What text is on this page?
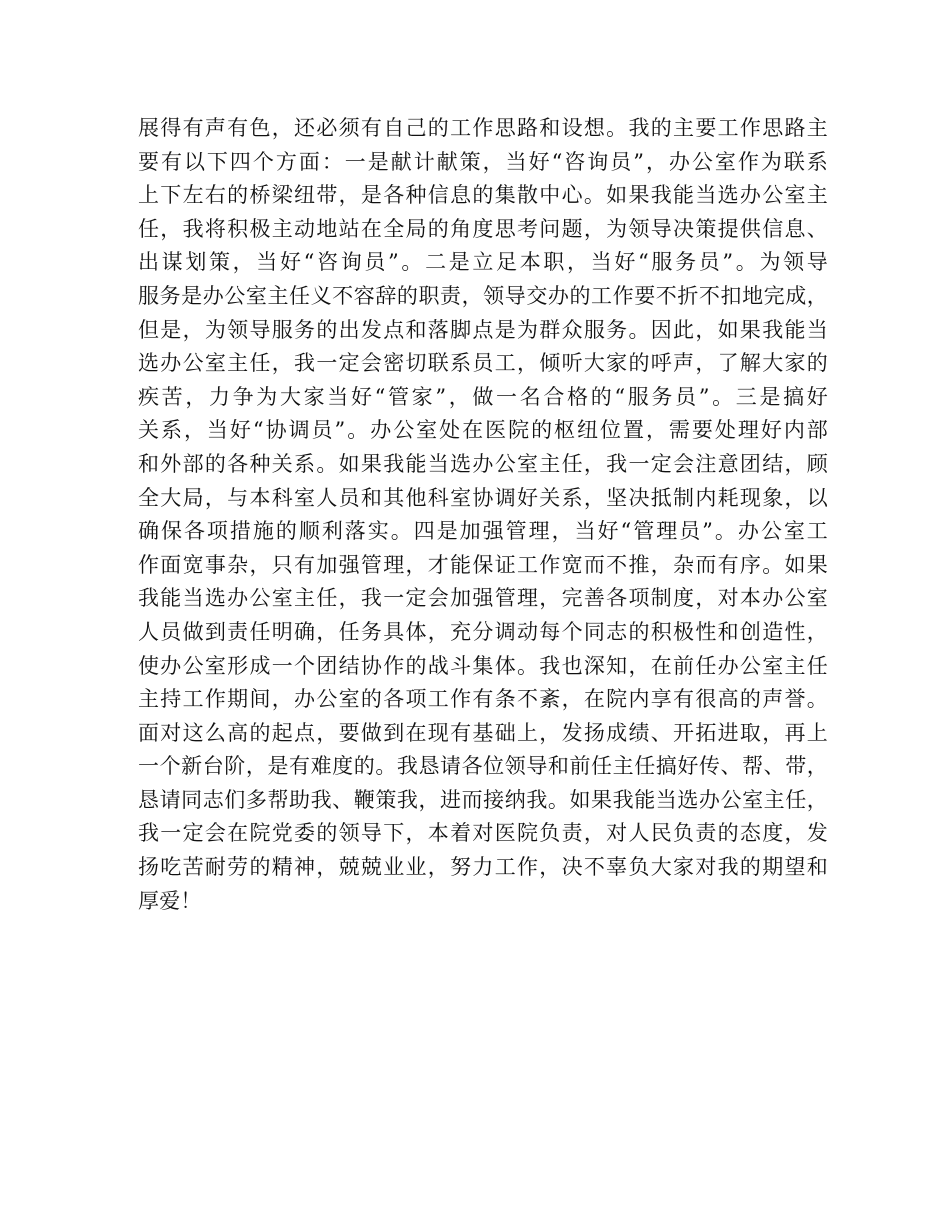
展得有声有色，还必须有自己的工作思路和设想。我的主要工作思路主
要有以下四个方面：一是献计献策，当好“咨询员”，办公室作为联系
上下左右的桥梁纽带，是各种信息的集散中心。如果我能当选办公室主
任，我将积极主动地站在全局的角度思考问题，为领导决策提供信息、
出谋划策，当好“咨询员”。二是立足本职，当好“服务员”。为领导
服务是办公室主任义不容辞的职责，领导交办的工作要不折不扣地完成，
但是，为领导服务的出发点和落脚点是为群众服务。因此，如果我能当
选办公室主任，我一定会密切联系员工，倾听大家的呼声，了解大家的
疾苦，力争为大家当好“管家”，做一名合格的“服务员”。三是搞好
关系，当好“协调员”。办公室处在医院的枢纽位置，需要处理好内部
和外部的各种关系。如果我能当选办公室主任，我一定会注意团结，顾
全大局，与本科室人员和其他科室协调好关系，坚决抵制内耗现象，以
确保各项措施的顺利落实。四是加强管理，当好“管理员”。办公室工
作面宽事杂，只有加强管理，才能保证工作宽而不推，杂而有序。如果
我能当选办公室主任，我一定会加强管理，完善各项制度，对本办公室
人员做到责任明确，任务具体，充分调动每个同志的积极性和创造性，
使办公室形成一个团结协作的战斗集体。我也深知，在前任办公室主任
主持工作期间，办公室的各项工作有条不紊，在院内享有很高的声誉。
面对这么高的起点，要做到在现有基础上，发扬成绩、开拓进取，再上
一个新台阶，是有难度的。我恳请各位领导和前任主任搞好传、帮、带，
恳请同志们多帮助我、鞭策我，进而接纳我。如果我能当选办公室主任，
我一定会在院党委的领导下，本着对医院负责，对人民负责的态度，发
扬吃苦耐劳的精神，兢兢业业，努力工作，决不辜负大家对我的期望和
厚爱！
